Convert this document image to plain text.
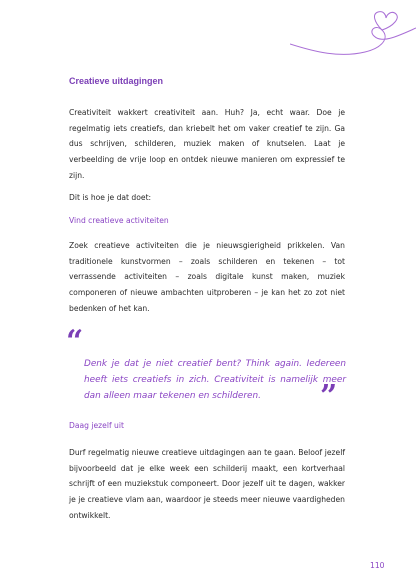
Creatieve uitdagingen

Creativiteit wakkert creativiteit aan. Huh? Ja, echt waar. Doe je regelmatig iets creatiefs, dan kriebelt het om vaker creatief te zijn. Ga dus schrijven, schilderen, muziek maken of knutselen. Laat je verbeelding de vrije loop en ontdek nieuwe manieren om expressief te zijn.

Dit is hoe je dat doet:

Vind creatieve activiteiten

Zoek creatieve activiteiten die je nieuwsgierigheid prikkelen. Van traditionele kunstvormen – zoals schilderen en tekenen – tot verrassende activiteiten – zoals digitale kunst maken, muziek componeren of nieuwe ambachten uitproberen – je kan het zo zot niet bedenken of het kan.

“

Denk je dat je niet creatief bent? Think again. Iedereen heeft iets creatiefs in zich. Creativiteit is namelijk meer dan alleen maar tekenen en schilderen.	”

Daag jezelf uit

Durf regelmatig nieuwe creatieve uitdagingen aan te gaan. Beloof jezelf bijvoorbeeld dat je elke week een schilderij maakt, een kortverhaal schrijft of een muziekstuk componeert. Door jezelf uit te dagen, wakker je je creatieve vlam aan, waardoor je steeds meer nieuwe vaardigheden ontwikkelt.

110
